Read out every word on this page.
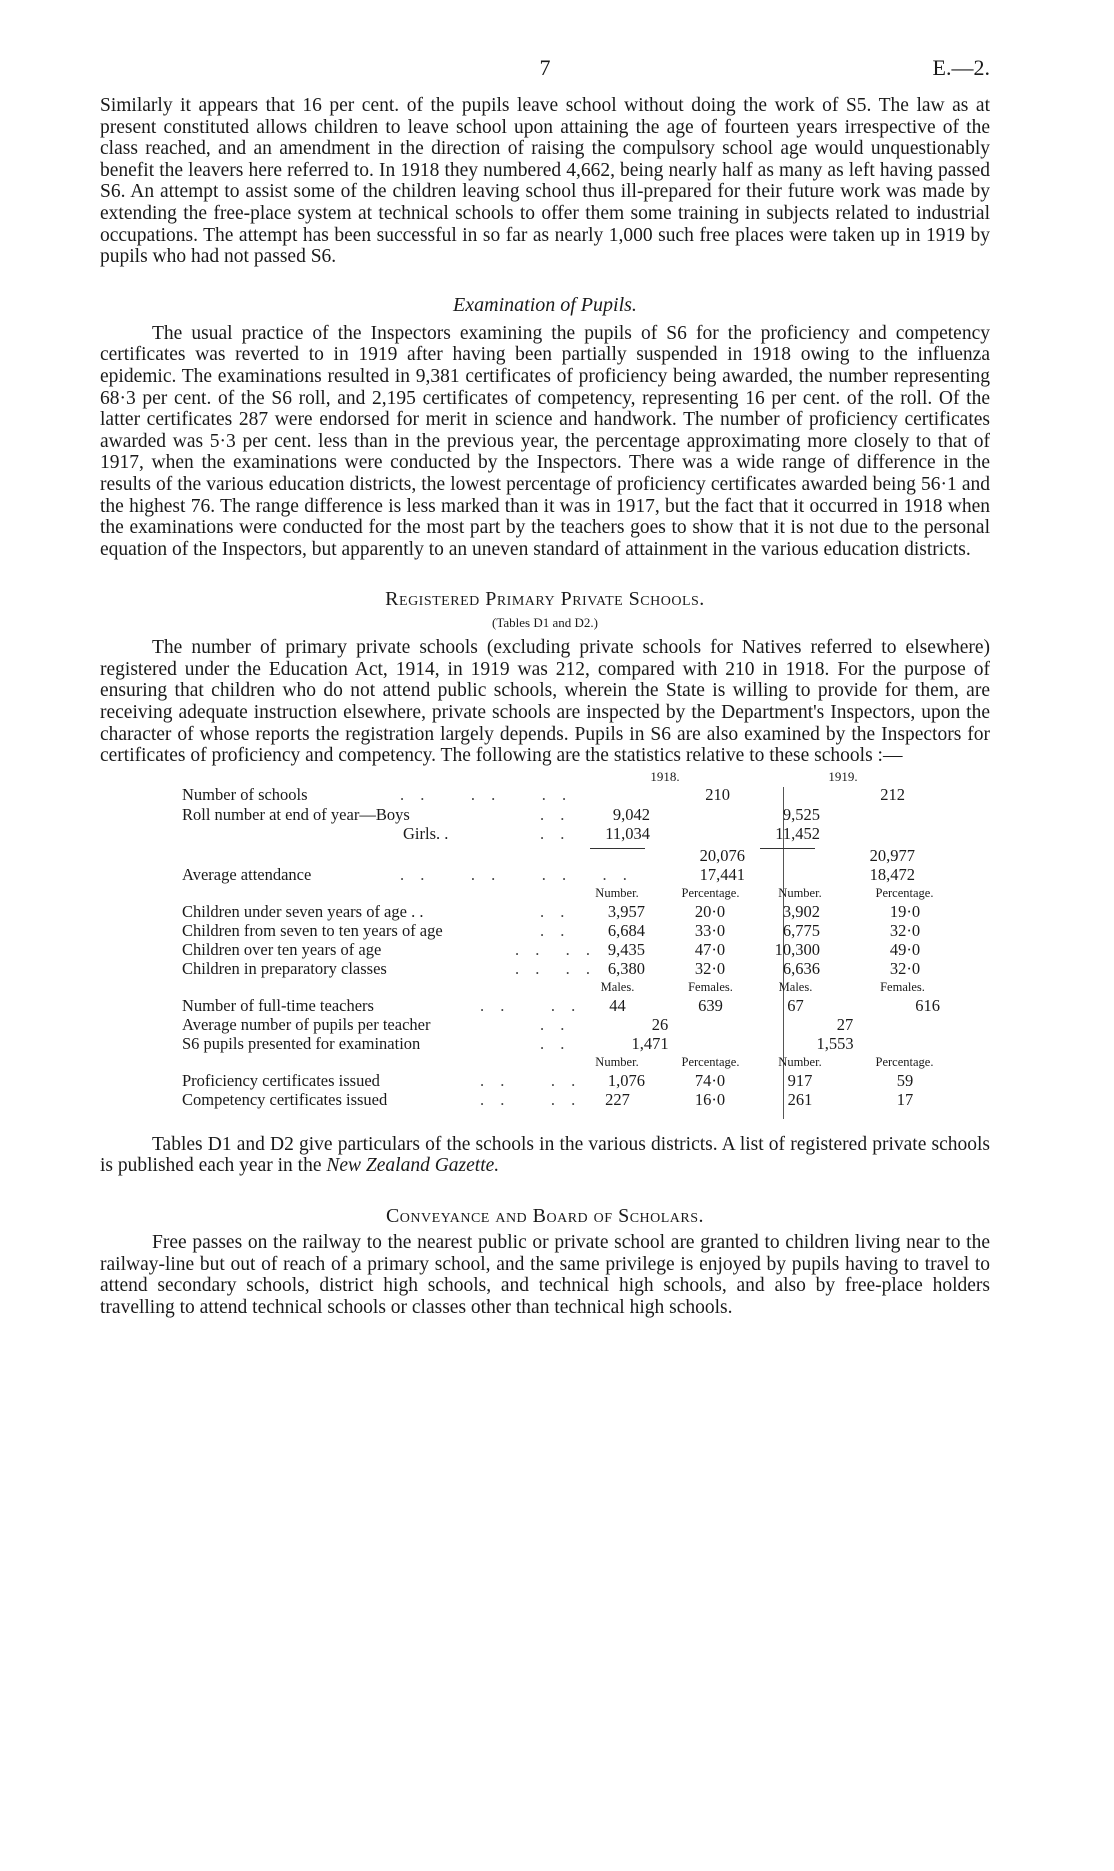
7	E.—2.

Similarly it appears that 16 per cent. of the pupils leave school without doing the work of S5. The law as at present constituted allows children to leave school upon attaining the age of fourteen years irrespective of the class reached, and an amendment in the direction of raising the compulsory school age would unquestionably benefit the leavers here referred to. In 1918 they numbered 4,662, being nearly half as many as left having passed S6. An attempt to assist some of the children leaving school thus ill-prepared for their future work was made by extending the free-place system at technical schools to offer them some training in subjects related to industrial occupations. The attempt has been successful in so far as nearly 1,000 such free places were taken up in 1919 by pupils who had not passed S6.

Examination of Pupils.

The usual practice of the Inspectors examining the pupils of S6 for the proficiency and competency certificates was reverted to in 1919 after having been partially suspended in 1918 owing to the influenza epidemic. The examinations resulted in 9,381 certificates of proficiency being awarded, the number representing 68·3 per cent. of the S6 roll, and 2,195 certificates of competency, representing 16 per cent. of the roll. Of the latter certificates 287 were endorsed for merit in science and handwork. The number of proficiency certificates awarded was 5·3 per cent. less than in the previous year, the percentage approximating more closely to that of 1917, when the examinations were conducted by the Inspectors. There was a wide range of difference in the results of the various education districts, the lowest percentage of proficiency certificates awarded being 56·1 and the highest 76. The range difference is less marked than it was in 1917, but the fact that it occurred in 1918 when the examinations were conducted for the most part by the teachers goes to show that it is not due to the personal equation of the Inspectors, but apparently to an uneven standard of attainment in the various education districts.

Registered Primary Private Schools.
(Tables D1 and D2.)

The number of primary private schools (excluding private schools for Natives referred to elsewhere) registered under the Education Act, 1914, in 1919 was 212, compared with 210 in 1918. For the purpose of ensuring that children who do not attend public schools, wherein the State is willing to provide for them, are receiving adequate instruction elsewhere, private schools are inspected by the Department's Inspectors, upon the character of whose reports the registration largely depends. Pupils in S6 are also examined by the Inspectors for certificates of proficiency and competency. The following are the statistics relative to these schools :—

1918.	1919.
Number of schools	. .    . .    . .	210	212
Roll number at end of year—Boys	. .	9,042	9,525
Girls. .	. .	11,034	11,452
20,076	20,977
Average attendance	. .    . .    . .   . .	17,441	18,472
Number.	Percentage.	Number.	Percentage.
Children under seven years of age . .	. .	3,957	20·0	3,902	19·0
Children from seven to ten years of age	. .	6,684	33·0	6,775	32·0
Children over ten years of age	. .  . . 9,435	47·0	10,300	49·0
Children in preparatory classes	. .  . . 6,380	32·0	6,636	32·0
Males.	Females.	Males.	Females.
Number of full-time teachers	. .    . .	44	639	67	616
Average number of pupils per teacher	. .	26	27
S6 pupils presented for examination	. .	1,471	1,553
Number.	Percentage.	Number.	Percentage.
Proficiency certificates issued	. .    . .	1,076	74·0	917	59
Competency certificates issued	. .    . .	227	16·0	261	17

Tables D1 and D2 give particulars of the schools in the various districts. A list of registered private schools is published each year in the New Zealand Gazette.

Conveyance and Board of Scholars.

Free passes on the railway to the nearest public or private school are granted to children living near to the railway-line but out of reach of a primary school, and the same privilege is enjoyed by pupils having to travel to attend secondary schools, district high schools, and technical high schools, and also by free-place holders travelling to attend technical schools or classes other than technical high schools.
